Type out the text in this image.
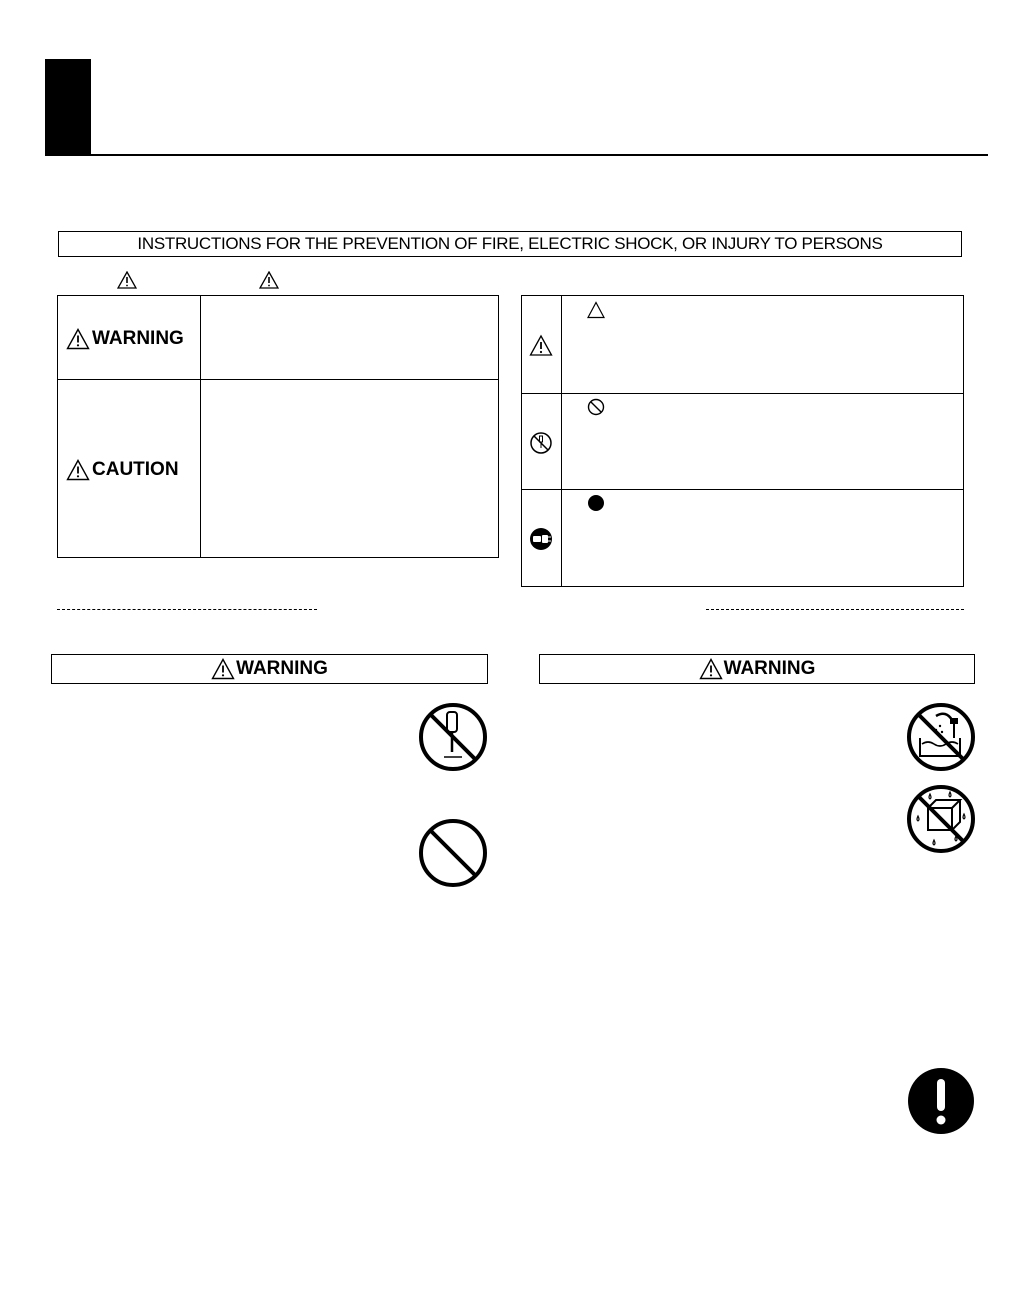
INSTRUCTIONS FOR THE PREVENTION OF FIRE, ELECTRIC SHOCK, OR INJURY TO PERSONS
WARNING
CAUTION
WARNING	WARNING
